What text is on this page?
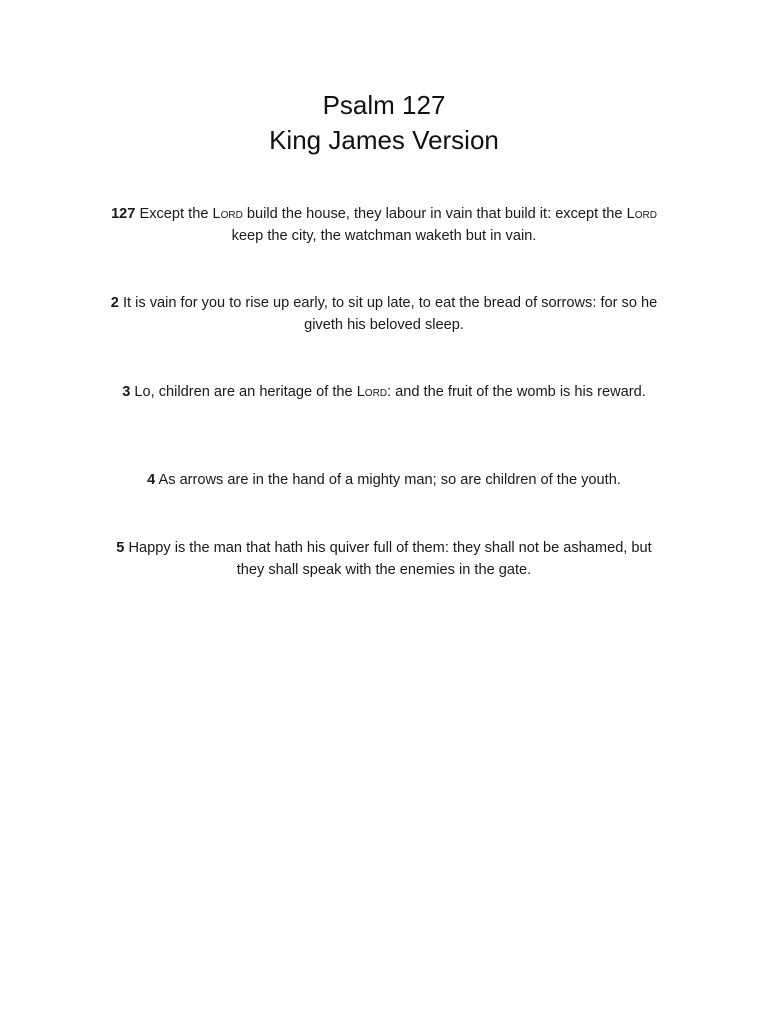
Psalm 127
King James Version

127 Except the Lord build the house, they labour in vain that build it: except the Lord keep the city, the watchman waketh but in vain.

2 It is vain for you to rise up early, to sit up late, to eat the bread of sorrows: for so he giveth his beloved sleep.

3 Lo, children are an heritage of the Lord: and the fruit of the womb is his reward.

4 As arrows are in the hand of a mighty man; so are children of the youth.

5 Happy is the man that hath his quiver full of them: they shall not be ashamed, but they shall speak with the enemies in the gate.
